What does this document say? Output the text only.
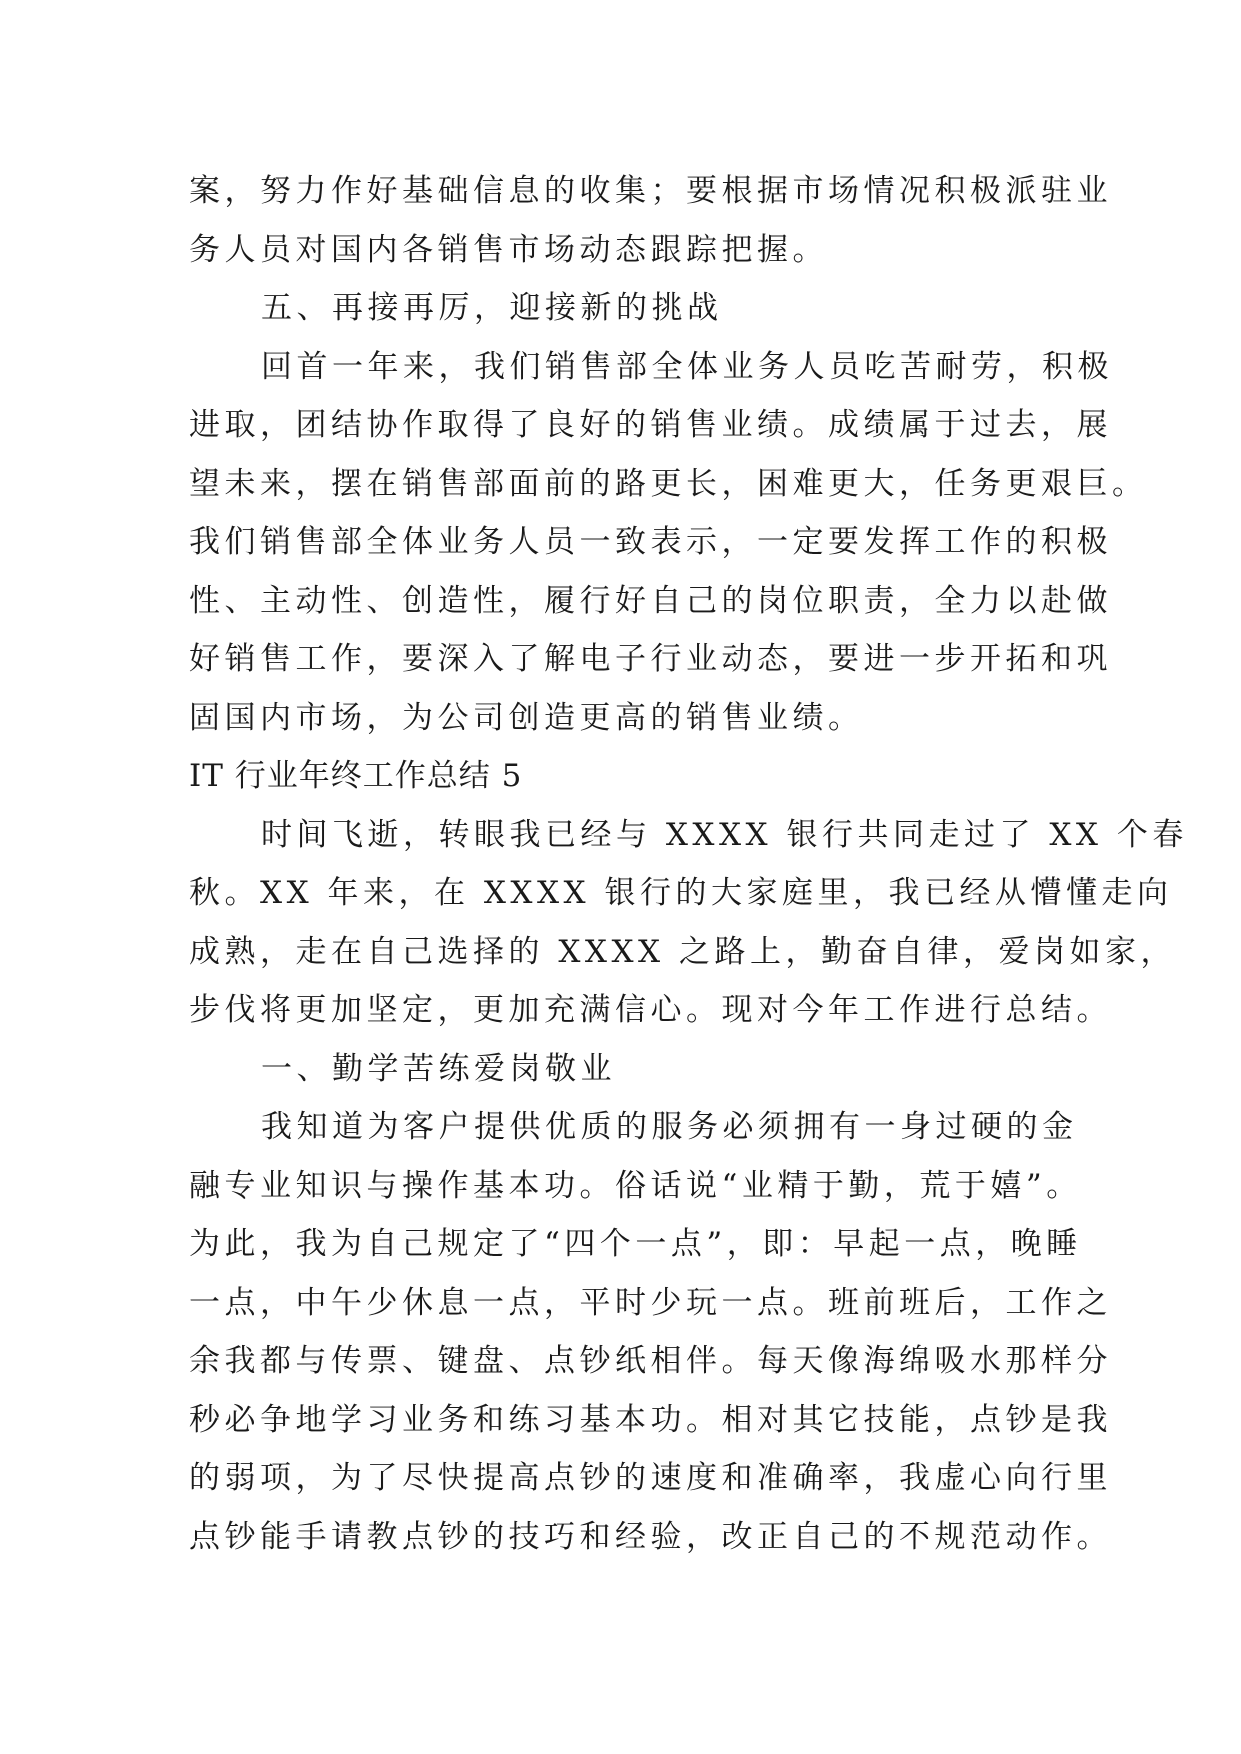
案，努力作好基础信息的收集；要根据市场情况积极派驻业
务人员对国内各销售市场动态跟踪把握。
五、再接再厉，迎接新的挑战
回首一年来，我们销售部全体业务人员吃苦耐劳，积极
进取，团结协作取得了良好的销售业绩。成绩属于过去，展
望未来，摆在销售部面前的路更长，困难更大，任务更艰巨。
我们销售部全体业务人员一致表示，一定要发挥工作的积极
性、主动性、创造性，履行好自己的岗位职责，全力以赴做
好销售工作，要深入了解电子行业动态，要进一步开拓和巩
固国内市场，为公司创造更高的销售业绩。
IT 行业年终工作总结 5
时间飞逝，转眼我已经与 XXXX 银行共同走过了 XX 个春
秋。XX 年来，在 XXXX 银行的大家庭里，我已经从懵懂走向
成熟，走在自己选择的 XXXX 之路上，勤奋自律，爱岗如家，
步伐将更加坚定，更加充满信心。现对今年工作进行总结。
一、勤学苦练爱岗敬业
我知道为客户提供优质的服务必须拥有一身过硬的金
融专业知识与操作基本功。俗话说“业精于勤，荒于嬉”。
为此，我为自己规定了“四个一点”，即：早起一点，晚睡
一点，中午少休息一点，平时少玩一点。班前班后，工作之
余我都与传票、键盘、点钞纸相伴。每天像海绵吸水那样分
秒必争地学习业务和练习基本功。相对其它技能，点钞是我
的弱项，为了尽快提高点钞的速度和准确率，我虚心向行里
点钞能手请教点钞的技巧和经验，改正自己的不规范动作。
